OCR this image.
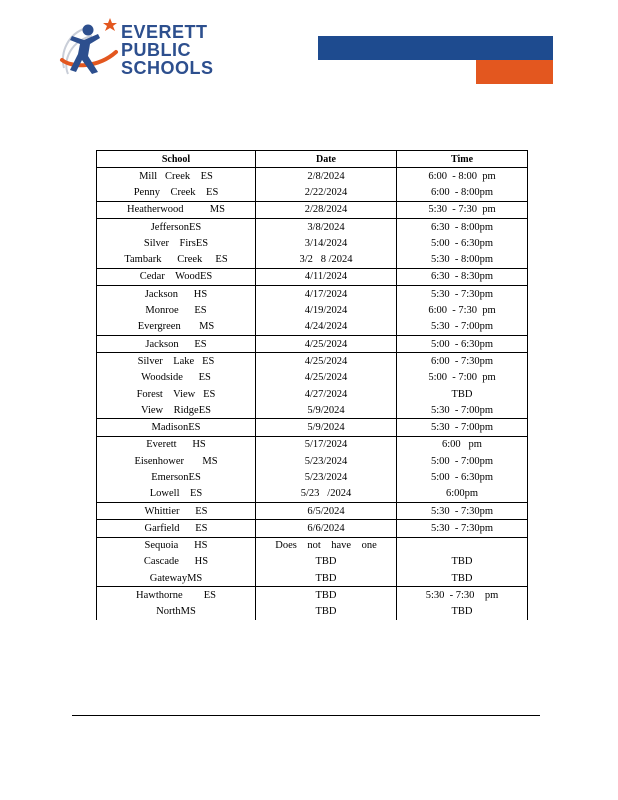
EVERETT
PUBLIC
SCHOOLS
School	Date	Time
Mill   Creek    ES	2/8/2024	6:00  - 8:00  pm
Penny    Creek    ES	2/22/2024	6:00  - 8:00pm
Heatherwood          MS	2/28/2024	5:30  - 7:30  pm
JeffersonES	3/8/2024	6:30  - 8:00pm
Silver    FirsES	3/14/2024	5:00  - 6:30pm
Tambark      Creek     ES	3/2   8 /2024	5:30  - 8:00pm
Cedar    WoodES	4/11/2024	6:30  - 8:30pm
Jackson      HS	4/17/2024	5:30  - 7:30pm
Monroe      ES	4/19/2024	6:00  - 7:30  pm
Evergreen       MS	4/24/2024	5:30  - 7:00pm
Jackson      ES	4/25/2024	5:00  - 6:30pm
Silver    Lake   ES	4/25/2024	6:00  - 7:30pm
Woodside      ES	4/25/2024	5:00  - 7:00  pm
Forest    View   ES	4/27/2024	TBD
View    RidgeES	5/9/2024	5:30  - 7:00pm
MadisonES	5/9/2024	5:30  - 7:00pm
Everett      HS	5/17/2024	6:00   pm
Eisenhower       MS	5/23/2024	5:00  - 7:00pm
EmersonES	5/23/2024	5:00  - 6:30pm
Lowell    ES	5/23   /2024	6:00pm
Whittier      ES	6/5/2024	5:30  - 7:30pm
Garfield      ES	6/6/2024	5:30  - 7:30pm
Sequoia      HS	Does    not    have    one	
Cascade      HS	TBD	TBD
GatewayMS	TBD	TBD
Hawthorne        ES	TBD	5:30  - 7:30    pm
NorthMS	TBD	TBD
